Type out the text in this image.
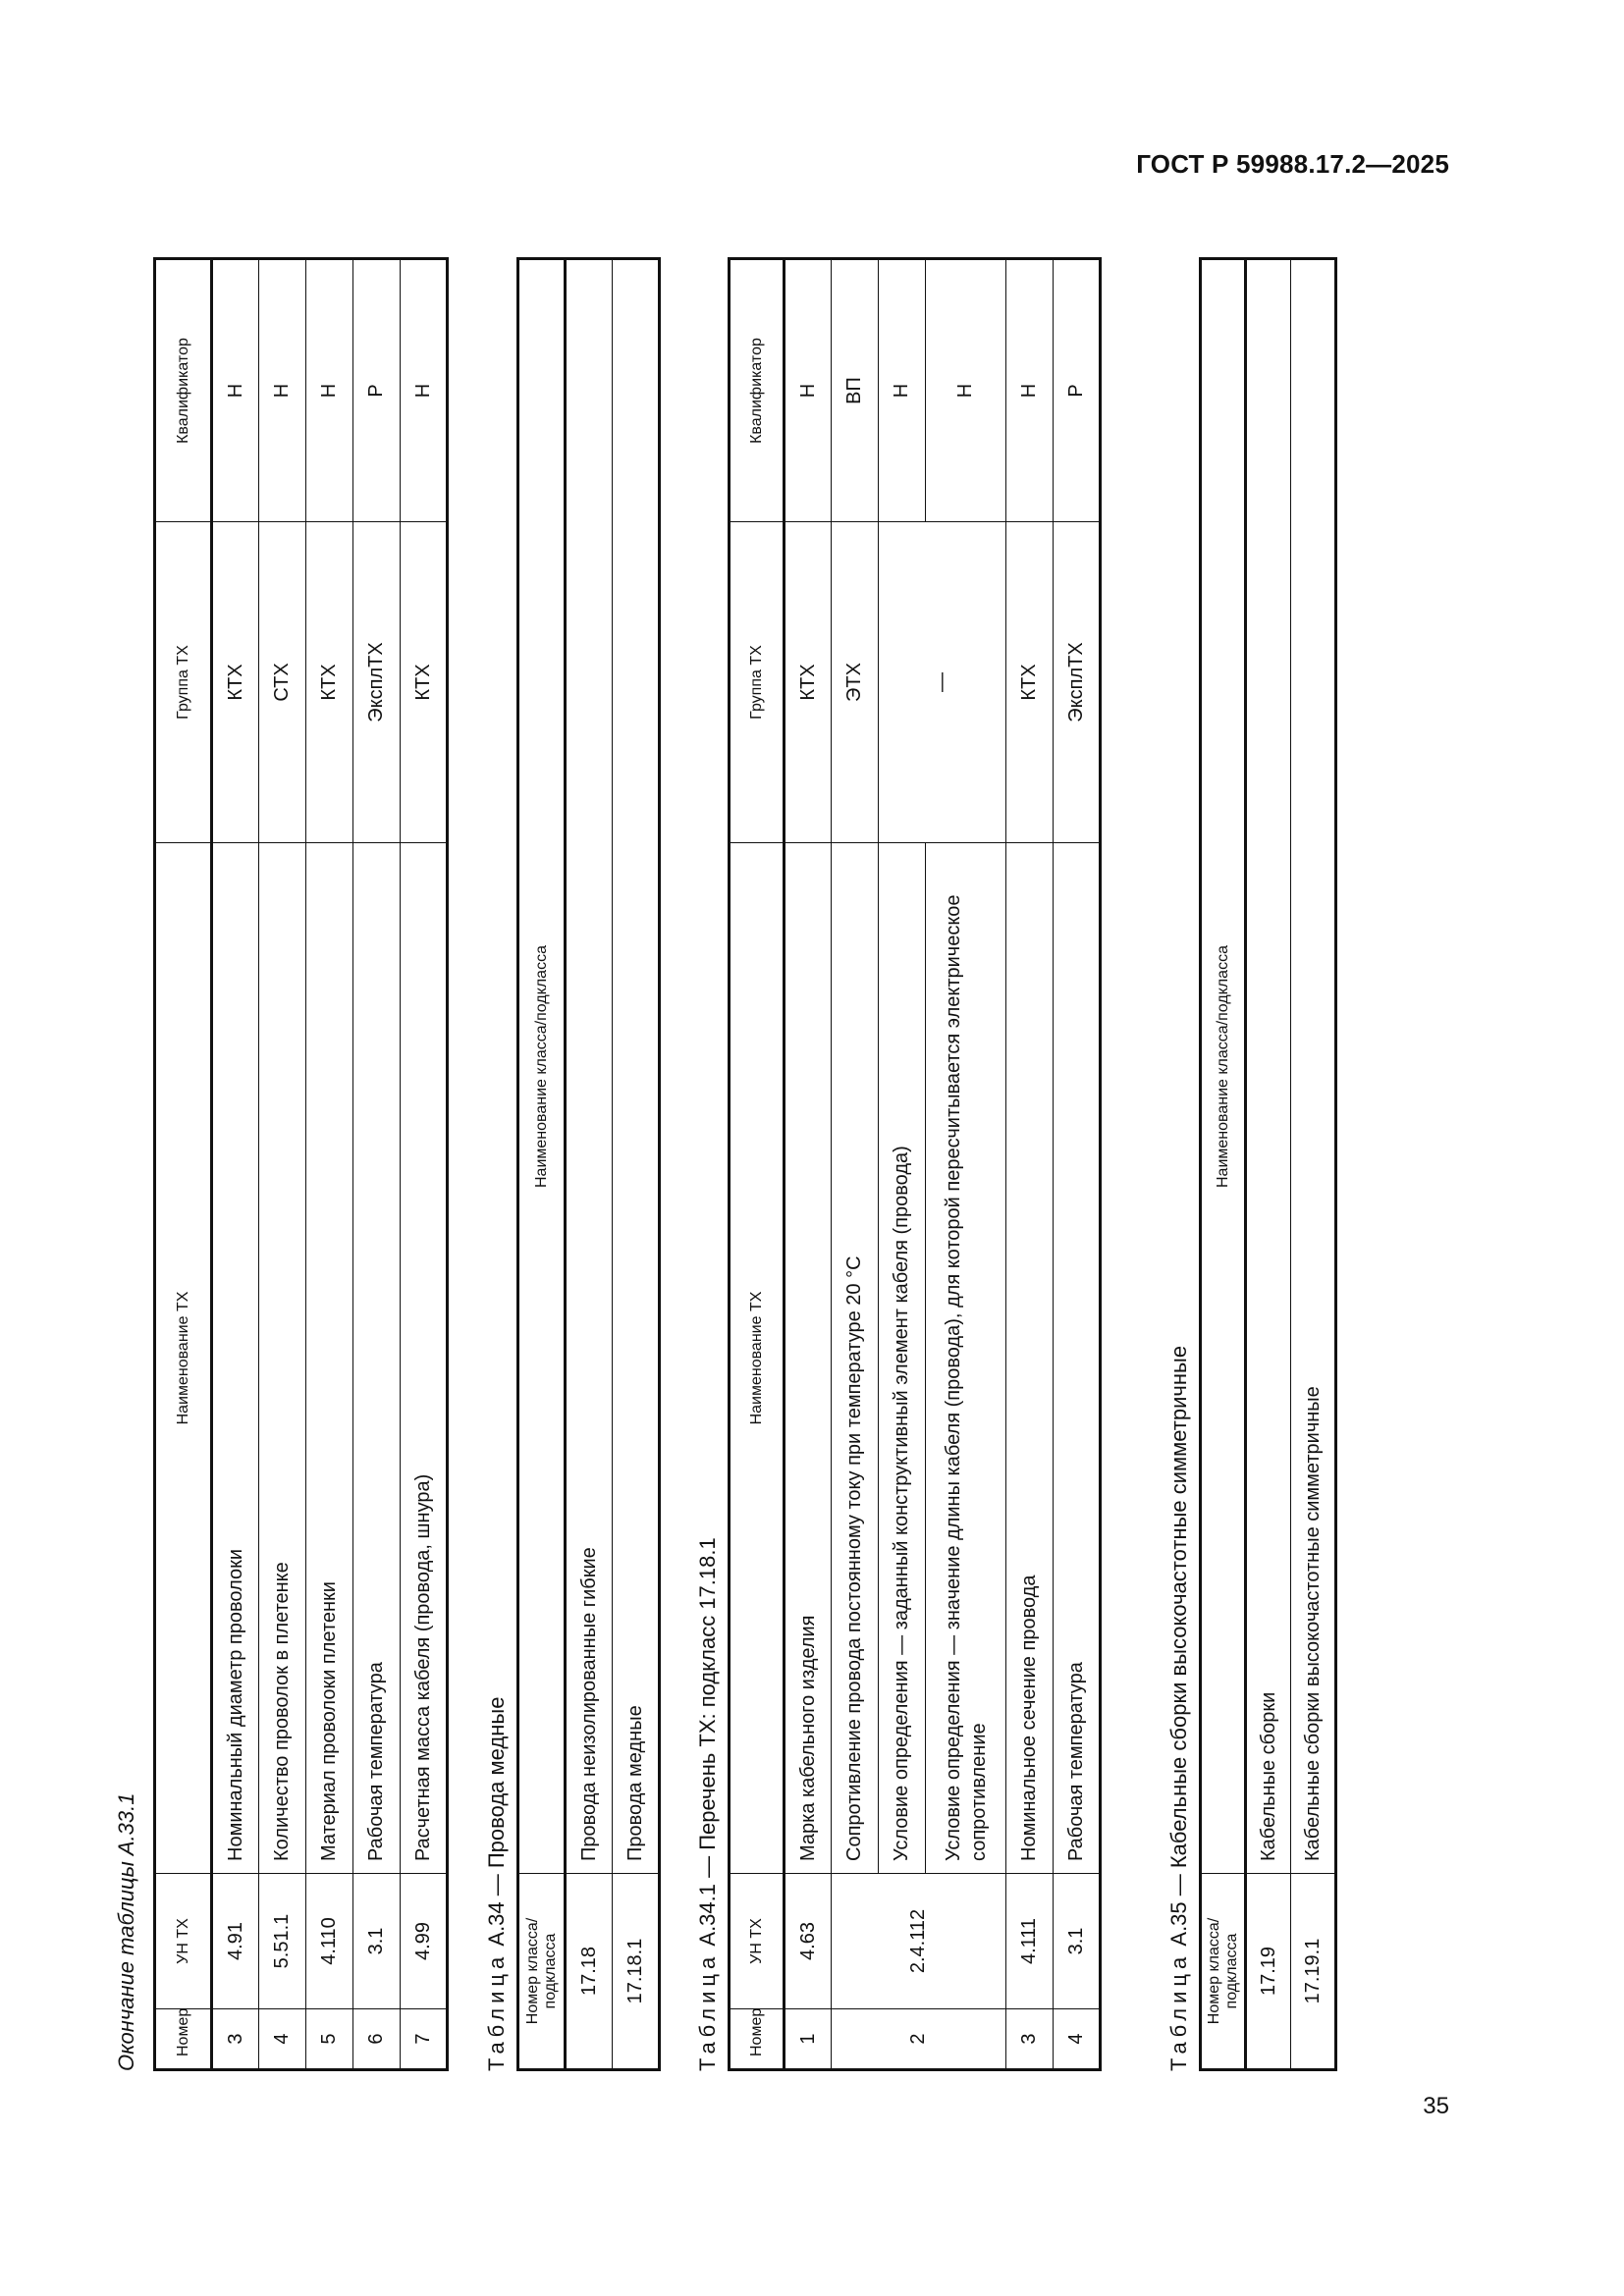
ГОСТ Р 59988.17.2—2025
35
Окончание таблицы А.33.1 Номер	УН ТХ	Наименование ТХ	Группа ТХ	Квалификатор
3	4.91	Номинальный диаметр проволоки	КТХ	Н
4	5.51.1	Количество проволок в плетенке	СТХ	Н
5	4.110	Материал проволоки плетенки	КТХ	Н
6	3.1	Рабочая температура	ЭксплТХ	Р
7	4.99	Расчетная масса кабеля (провода, шнура)	КТХ	Н
Таблица А.34 — Провода медные
Номер класса/подкласса	Наименование класса/подкласса
17.18	Провода неизолированные гибкие
17.18.1	Провода медные
Таблица А.34.1 — Перечень ТХ: подкласс 17.18.1
Номер	УН ТХ	Наименование ТХ	Группа ТХ	Квалификатор
1	4.63	Марка кабельного изделия	КТХ	Н
2	2.4.112	Сопротивление провода постоянному току при температуре 20 °С	ЭТХ	ВП
		Условие определения — заданный конструктивный элемент кабеля (провода)	—	Н
		Условие определения — значение длины кабеля (провода), для которой пересчитывается электрическое сопротивление		Н
3	4.111	Номинальное сечение провода	КТХ	Н
4	3.1	Рабочая температура	ЭксплТХ	Р
Таблица А.35 — Кабельные сборки высокочастотные симметричные
Номер класса/подкласса	Наименование класса/подкласса
17.19	Кабельные сборки
17.19.1	Кабельные сборки высокочастотные симметричные
